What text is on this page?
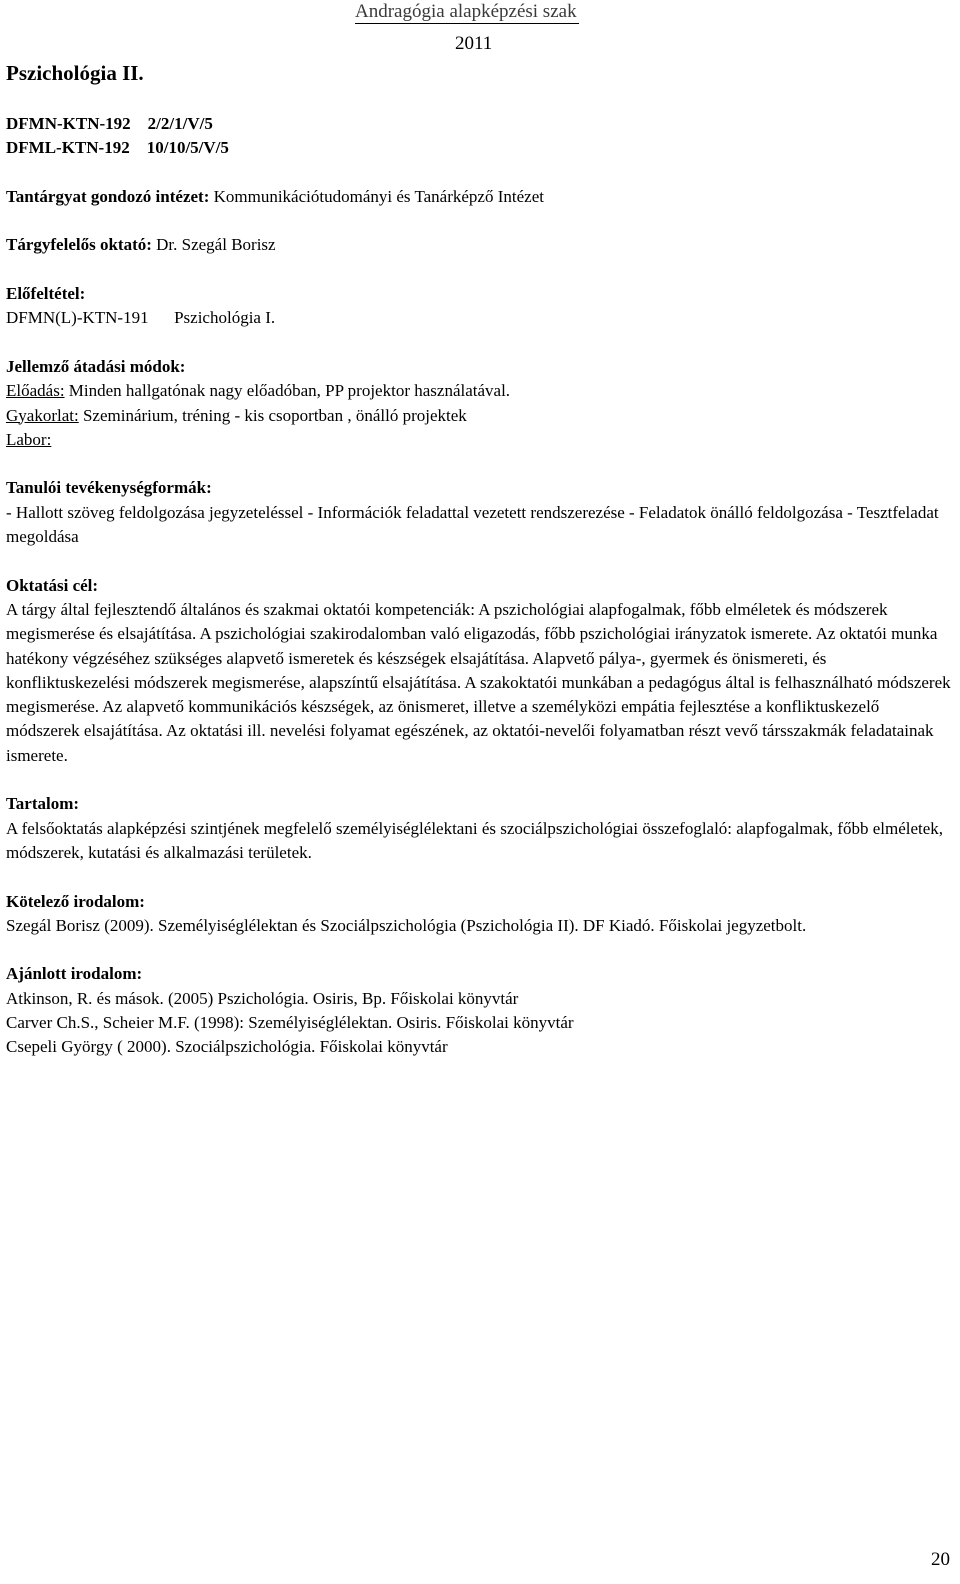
Andragógia alapképzési szak
2011
Pszichológia II.
DFMN-KTN-192 2/2/1/V/5
DFML-KTN-192 10/10/5/V/5
Tantárgyat gondozó intézet: Kommunikációtudományi és Tanárképző Intézet
Tárgyfelelős oktató: Dr. Szegál Borisz
Előfeltétel:
DFMN(L)-KTN-191 Pszichológia I.
Jellemző átadási módok:
Előadás: Minden hallgatónak nagy előadóban, PP projektor használatával.
Gyakorlat: Szeminárium, tréning - kis csoportban , önálló projektek
Labor:
Tanulói tevékenységformák:
- Hallott szöveg feldolgozása jegyzeteléssel - Információk feladattal vezetett rendszerezése - Feladatok önálló feldolgozása - Tesztfeladat megoldása
Oktatási cél:
A tárgy által fejlesztendő általános és szakmai oktatói kompetenciák: A pszichológiai alapfogalmak, főbb elméletek és módszerek megismerése és elsajátítása. A pszichológiai szakirodalomban való eligazodás, főbb pszichológiai irányzatok ismerete. Az oktatói munka hatékony végzéséhez szükséges alapvető ismeretek és készségek elsajátítása. Alapvető pálya-, gyermek és önismereti, és konfliktuskezelési módszerek megismerése, alapszíntű elsajátítása. A szakoktatói munkában a pedagógus által is felhasználható módszerek megismerése. Az alapvető kommunikációs készségek, az önismeret, illetve a személyközi empátia fejlesztése a konfliktuskezelő módszerek elsajátítása. Az oktatási ill. nevelési folyamat egészének, az oktatói-nevelői folyamatban részt vevő társszakmák feladatainak ismerete.
Tartalom:
A felsőoktatás alapképzési szintjének megfelelő személyiséglélektani és szociálpszichológiai összefoglaló: alapfogalmak, főbb elméletek, módszerek, kutatási és alkalmazási területek.
Kötelező irodalom:
Szegál Borisz (2009). Személyiséglélektan és Szociálpszichológia (Pszichológia II). DF Kiadó. Főiskolai jegyzetbolt.
Ajánlott irodalom:
Atkinson, R. és mások. (2005) Pszichológia. Osiris, Bp. Főiskolai könyvtár
Carver Ch.S., Scheier M.F. (1998): Személyiséglélektan. Osiris. Főiskolai könyvtár
Csepeli György ( 2000). Szociálpszichológia. Főiskolai könyvtár
20
